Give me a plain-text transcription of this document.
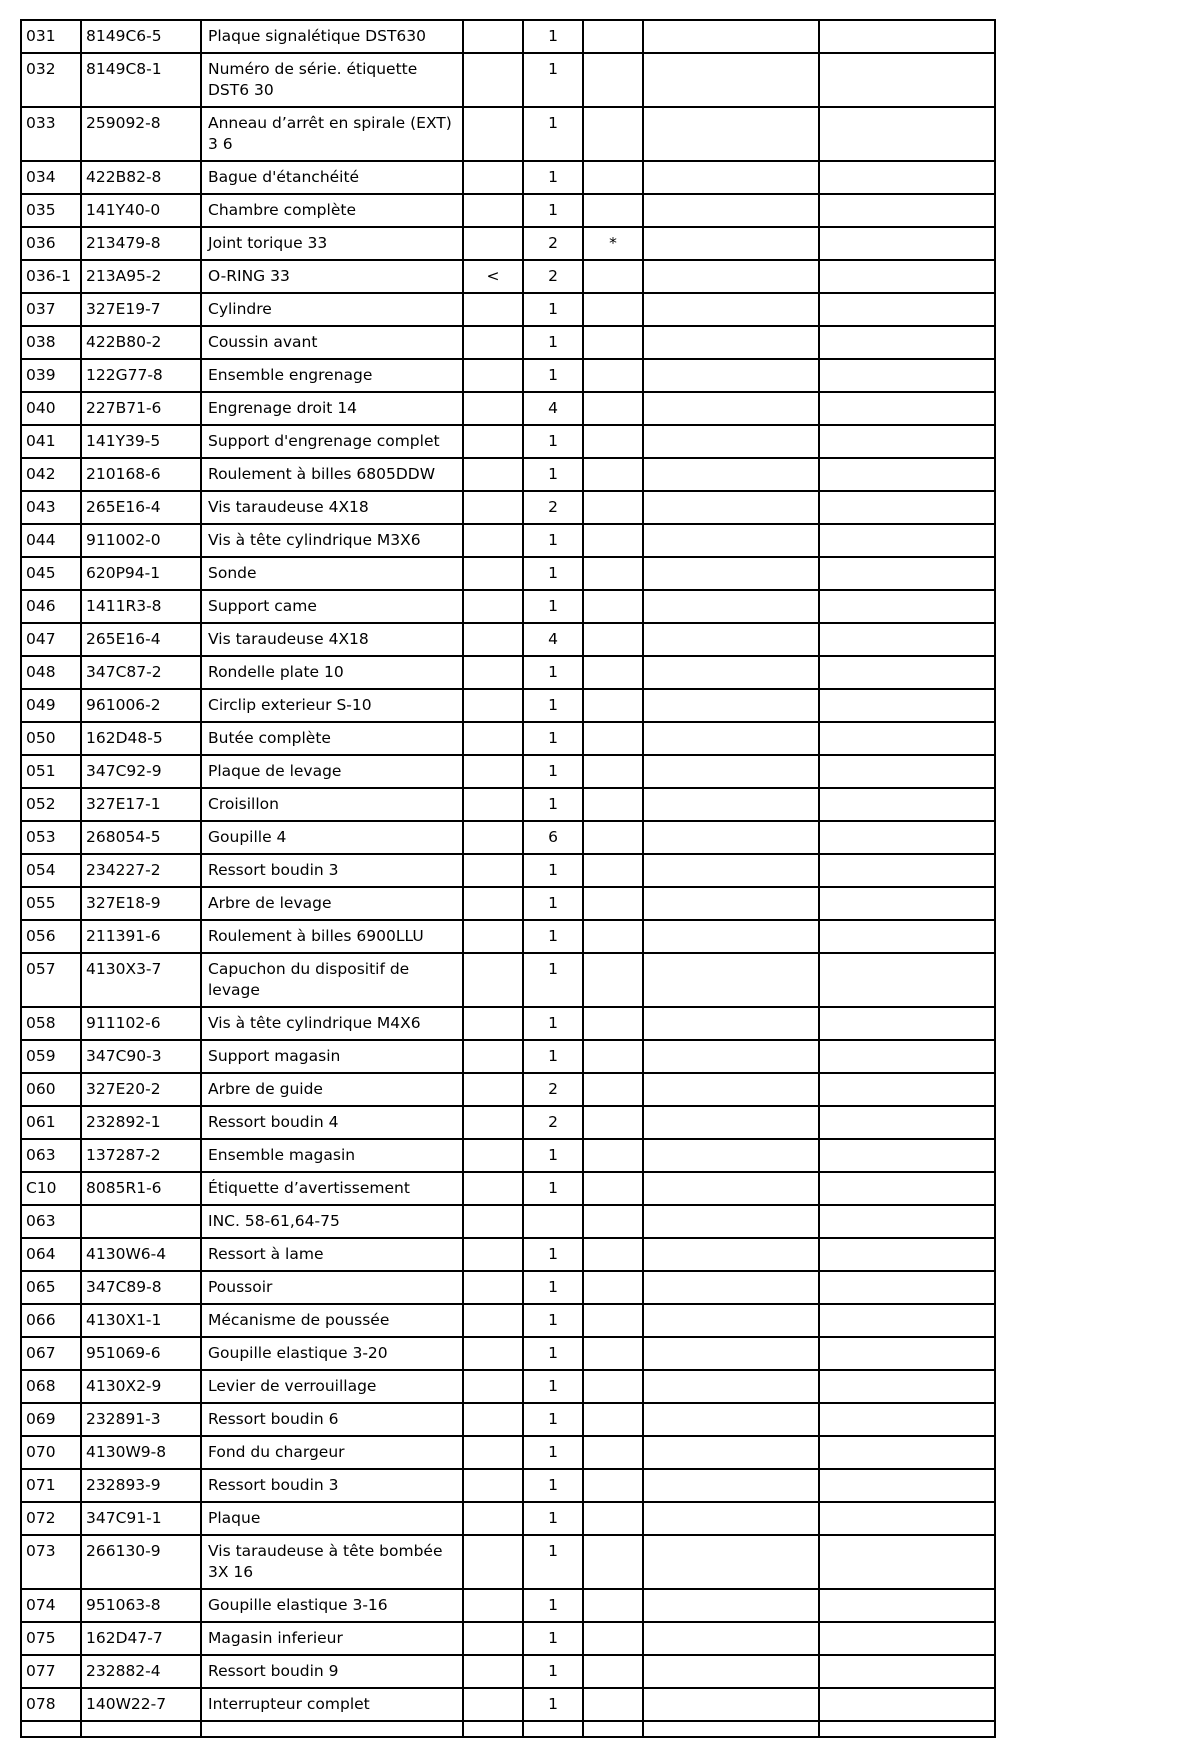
031	8149C6-5	Plaque signalétique DST630		1			
032	8149C8-1	Numéro de série. étiquette DST6 30		1			
033	259092-8	Anneau d’arrêt en spirale (EXT) 3 6		1			
034	422B82-8	Bague d'étanchéité		1			
035	141Y40-0	Chambre complète		1			
036	213479-8	Joint torique 33		2	*		
036-1	213A95-2	O-RING 33	<	2			
037	327E19-7	Cylindre		1			
038	422B80-2	Coussin avant		1			
039	122G77-8	Ensemble engrenage		1			
040	227B71-6	Engrenage droit 14		4			
041	141Y39-5	Support d'engrenage complet		1			
042	210168-6	Roulement à billes 6805DDW		1			
043	265E16-4	Vis taraudeuse 4X18		2			
044	911002-0	Vis à tête cylindrique M3X6		1			
045	620P94-1	Sonde		1			
046	1411R3-8	Support came		1			
047	265E16-4	Vis taraudeuse 4X18		4			
048	347C87-2	Rondelle plate 10		1			
049	961006-2	Circlip exterieur S-10		1			
050	162D48-5	Butée complète		1			
051	347C92-9	Plaque de levage		1			
052	327E17-1	Croisillon		1			
053	268054-5	Goupille 4		6			
054	234227-2	Ressort boudin 3		1			
055	327E18-9	Arbre de levage		1			
056	211391-6	Roulement à billes 6900LLU		1			
057	4130X3-7	Capuchon du dispositif de levage		1			
058	911102-6	Vis à tête cylindrique M4X6		1			
059	347C90-3	Support magasin		1			
060	327E20-2	Arbre de guide		2			
061	232892-1	Ressort boudin 4		2			
063	137287-2	Ensemble magasin		1			
C10	8085R1-6	Étiquette d’avertissement		1			
063		INC. 58-61,64-75					
064	4130W6-4	Ressort à lame		1			
065	347C89-8	Poussoir		1			
066	4130X1-1	Mécanisme de poussée		1			
067	951069-6	Goupille elastique 3-20		1			
068	4130X2-9	Levier de verrouillage		1			
069	232891-3	Ressort boudin 6		1			
070	4130W9-8	Fond du chargeur		1			
071	232893-9	Ressort boudin 3		1			
072	347C91-1	Plaque		1			
073	266130-9	Vis taraudeuse à tête bombée 3X 16		1			
074	951063-8	Goupille elastique 3-16		1			
075	162D47-7	Magasin inferieur		1			
077	232882-4	Ressort boudin 9		1			
078	140W22-7	Interrupteur complet		1			
